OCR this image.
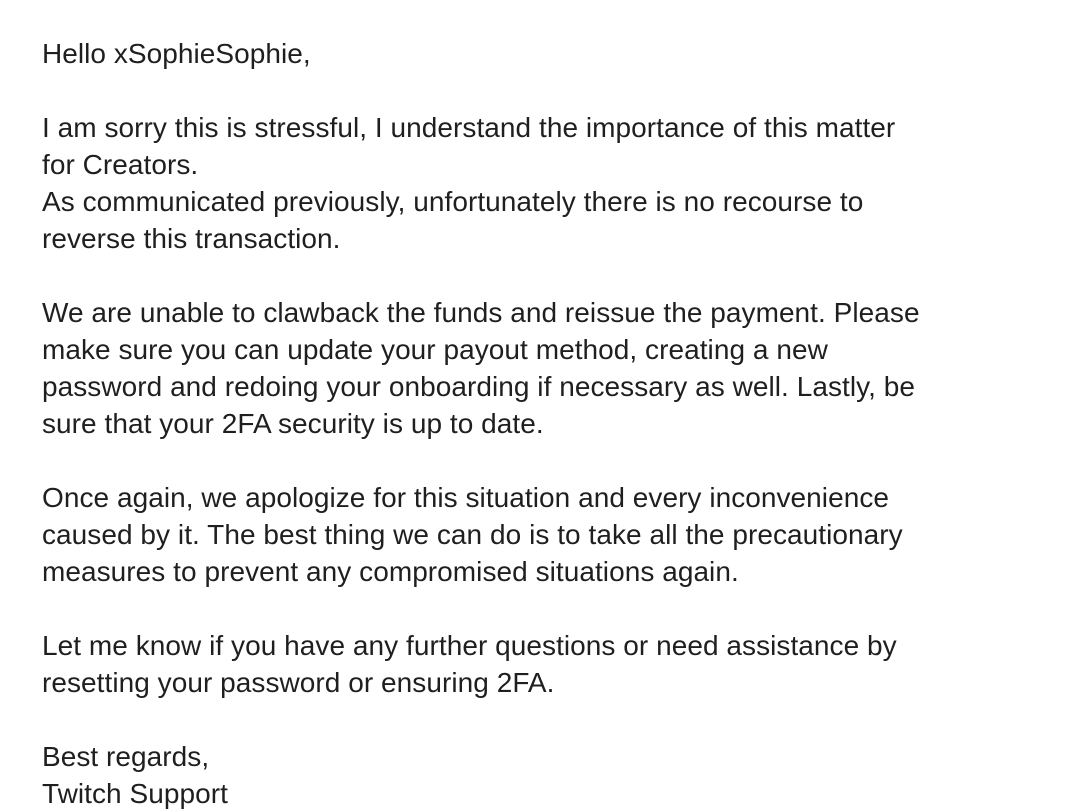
Hello xSophieSophie,

I am sorry this is stressful, I understand the importance of this matter
for Creators.
As communicated previously, unfortunately there is no recourse to
reverse this transaction.

We are unable to clawback the funds and reissue the payment. Please
make sure you can update your payout method, creating a new
password and redoing your onboarding if necessary as well. Lastly, be
sure that your 2FA security is up to date.

Once again, we apologize for this situation and every inconvenience
caused by it. The best thing we can do is to take all the precautionary
measures to prevent any compromised situations again.

Let me know if you have any further questions or need assistance by
resetting your password or ensuring 2FA.

Best regards,
Twitch Support
